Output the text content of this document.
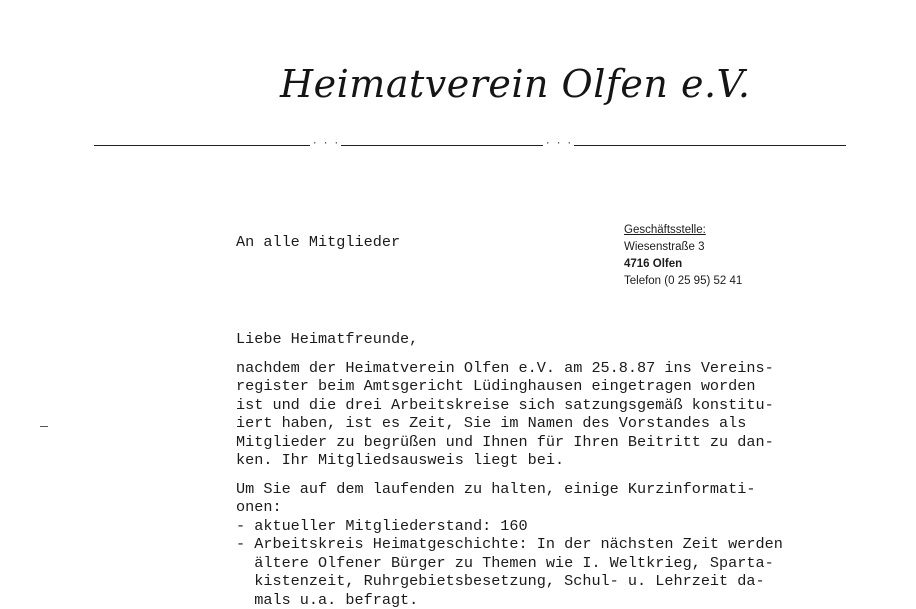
Heimatverein Olfen e.V.
· · ·	· · ·
An alle Mitglieder
Geschäftsstelle:
Wiesenstraße 3
4716 Olfen
Telefon (0 25 95) 52 41
Liebe Heimatfreunde,
nachdem der Heimatverein Olfen e.V. am 25.8.87 ins Vereins-
register beim Amtsgericht Lüdinghausen eingetragen worden
ist und die drei Arbeitskreise sich satzungsgemäß konstitu-
iert haben, ist es Zeit, Sie im Namen des Vorstandes als
Mitglieder zu begrüßen und Ihnen für Ihren Beitritt zu dan-
ken. Ihr Mitgliedsausweis liegt bei.
Um Sie auf dem laufenden zu halten, einige Kurzinformati-
onen:
- aktueller Mitgliederstand: 160
- Arbeitskreis Heimatgeschichte: In der nächsten Zeit werden
ältere Olfener Bürger zu Themen wie I. Weltkrieg, Sparta-
kistenzeit, Ruhrgebietsbesetzung, Schul- u. Lehrzeit da-
mals u.a. befragt.
